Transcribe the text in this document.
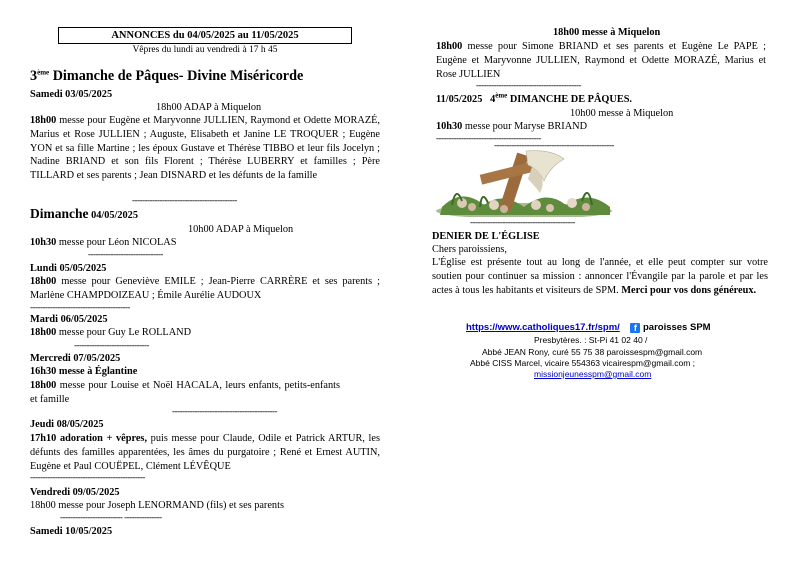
ANNONCES du 04/05/2025 au 11/05/2025
Vêpres du lundi au vendredi à 17 h 45
3ème Dimanche de Pâques- Divine Miséricorde
Samedi 03/05/2025
18h00 ADAP à Miquelon
18h00 messe pour Eugène et Maryvonne JULLIEN, Raymond et Odette MORAZÉ, Marius et Rose JULLIEN ; Auguste, Elisabeth et Janine LE TROQUER ; Eugène YON et sa fille Martine ; les époux Gustave et Thérèse TIBBO et leur fils Jocelyn ; Nadine BRIAND et son fils Florent ; Thérèse LUBERRY et familles ; Père TILLARD et ses parents ; Jean DISNARD et les défunts de la famille
------------------------------------------
Dimanche 04/05/2025
10h00 ADAP à Miquelon
10h30 messe pour Léon NICOLAS
------------------------------
Lundi 05/05/2025
18h00 messe pour Geneviève EMILE ; Jean-Pierre CARRÈRE et ses parents ; Marlène CHAMPDOIZEAU ; Émile Aurélie AUDOUX
----------------------------------------
Mardi 06/05/2025
18h00 messe pour Guy Le ROLLAND
------------------------------
Mercredi 07/05/2025
16h30 messe à Églantine
18h00 messe pour Louise et Noël HACALA, leurs enfants, petits-enfants et famille
------------------------------------------
Jeudi 08/05/2025
17h10 adoration + vêpres, puis messe pour Claude, Odile et Patrick ARTUR, les défunts des familles apparentées, les âmes du purgatoire ; René et Ernest AUTIN, Eugène et Paul COUËPEL, Clément LÉVÊQUE
----------------------------------------------
Vendredi 09/05/2025
18h00 messe pour Joseph LENORMAND (fils) et ses parents
------------------------- ---------------
Samedi 10/05/2025
18h00 messe à Miquelon
18h00 messe pour Simone BRIAND et ses parents et Eugène Le PAPE ; Eugène et Maryvonne JULLIEN, Raymond et Odette MORAZÉ, Marius et Rose JULLIEN
------------------------------------------
11/05/2025 4ème DIMANCHE DE PÂQUES.
10h00 messe à Miquelon
10h30 messe pour Maryse BRIAND
------------------------------------------
------------------------------------------------
------------------------------------------
DENIER DE L'ÉGLISE
Chers paroissiens,
L'Église est présente tout au long de l'année, et elle peut compter sur votre soutien pour continuer sa mission : annoncer l'Évangile par la parole et par les actes à tous les habitants et visiteurs de SPM. Merci pour vos dons généreux.
https://www.catholiques17.fr/spm/ f paroisses SPM
Presbytères. : St-Pi 41 02 40 /
Abbé JEAN Rony, curé 55 75 38 paroissespm@gmail.com
Abbé CISS Marcel, vicaire 554363 vicairespm@gmail.com ;
missionjeunesspm@gmail.com
